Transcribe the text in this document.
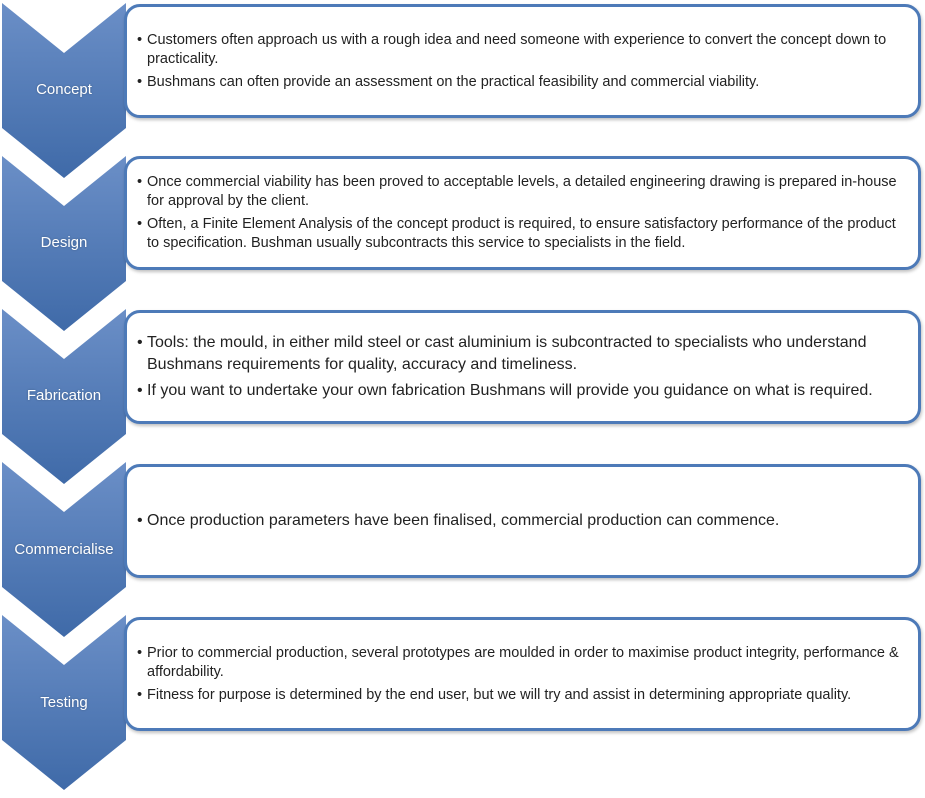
Concept
• Customers often approach us with a rough idea and need someone with experience to convert the concept down to practicality.
• Bushmans can often provide an assessment on the practical feasibility and commercial viability.
Design
• Once commercial viability has been proved to acceptable levels, a detailed engineering drawing is prepared in-house for approval by the client.
• Often, a Finite Element Analysis of the concept product is required, to ensure satisfactory performance of the product to specification. Bushman usually subcontracts this service to specialists in the field.
Fabrication
• Tools: the mould, in either mild steel or cast aluminium is subcontracted to specialists who understand Bushmans requirements for quality, accuracy and timeliness.
• If you want to undertake your own fabrication Bushmans will provide you guidance on what is required.
Commercialise
• Once production parameters have been finalised, commercial production can commence.
Testing
• Prior to commercial production, several prototypes are moulded in order to maximise product integrity, performance & affordability.
• Fitness for purpose is determined by the end user, but we will try and assist in determining appropriate quality.
